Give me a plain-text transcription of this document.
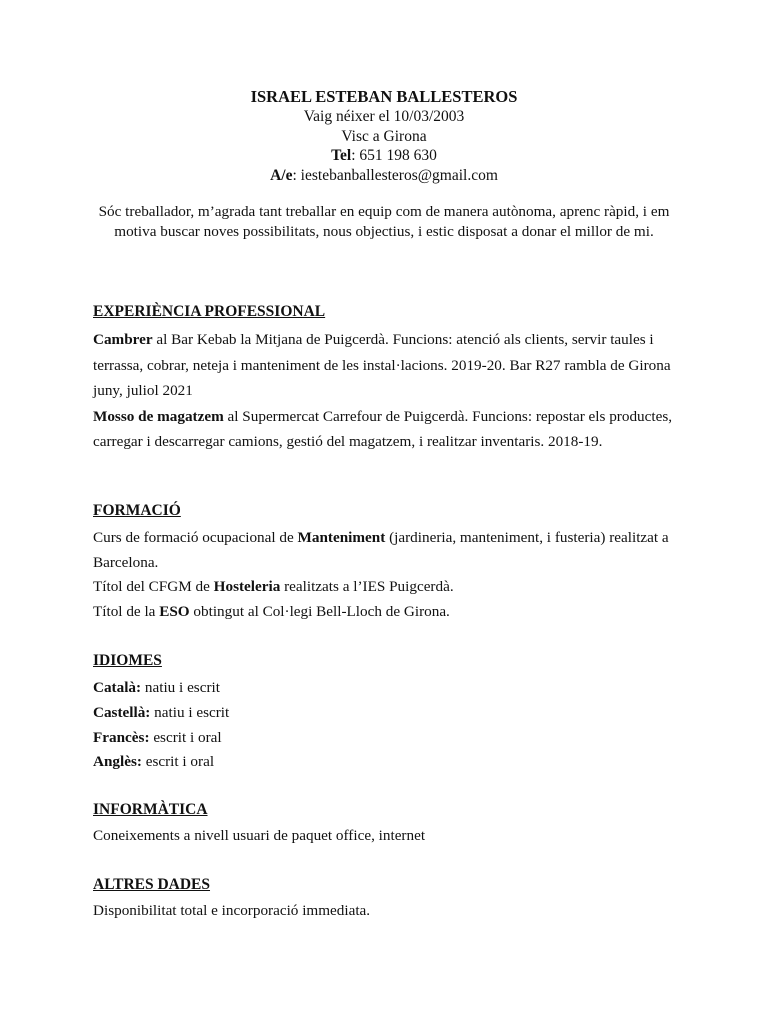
ISRAEL ESTEBAN BALLESTEROS
Vaig néixer el 10/03/2003
Visc a Girona
Tel: 651 198 630
A/e: iestebanballesteros@gmail.com

Sóc treballador, m’agrada tant treballar en equip com de manera autònoma, aprenc ràpid, i em motiva buscar noves possibilitats, nous objectius, i estic disposat a donar el millor de mi.

EXPERIÈNCIA PROFESSIONAL

Cambrer al Bar Kebab la Mitjana de Puigcerdà. Funcions: atenció als clients, servir taules i terrassa, cobrar, neteja i manteniment de les instal·lacions. 2019-20. Bar R27 rambla de Girona juny, juliol 2021

Mosso de magatzem al Supermercat Carrefour de Puigcerdà. Funcions: repostar els productes, carregar i descarregar camions, gestió del magatzem, i realitzar inventaris. 2018-19.

FORMACIÓ

Curs de formació ocupacional de Manteniment (jardineria, manteniment, i fusteria) realitzat a Barcelona.

Títol del CFGM de Hosteleria realitzats a l’IES Puigcerdà.

Títol de la ESO obtingut al Col·legi Bell-Lloch de Girona.

IDIOMES

Català: natiu i escrit

Castellà: natiu i escrit

Francès: escrit i oral

Anglès: escrit i oral

INFORMÀTICA

Coneixements a nivell usuari de paquet office, internet

ALTRES DADES

Disponibilitat total e incorporació immediata.
